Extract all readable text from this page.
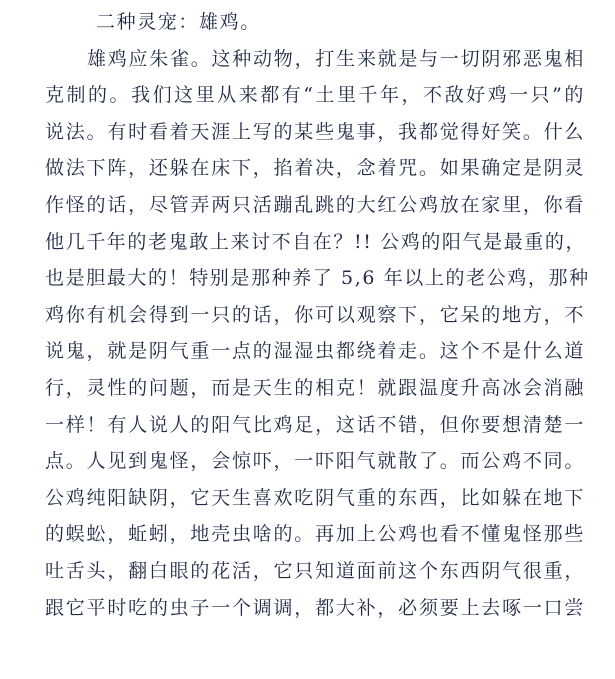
二种灵宠：雄鸡。

雄鸡应朱雀。这种动物，打生来就是与一切阴邪恶鬼相
克制的。我们这里从来都有“土里千年，不敌好鸡一只”的
说法。有时看着天涯上写的某些鬼事，我都觉得好笑。什么
做法下阵，还躲在床下，掐着决，念着咒。如果确定是阴灵
作怪的话，尽管弄两只活蹦乱跳的大红公鸡放在家里，你看
他几千年的老鬼敢上来讨不自在？!! 公鸡的阳气是最重的，
也是胆最大的！特别是那种养了 5,6 年以上的老公鸡，那种
鸡你有机会得到一只的话，你可以观察下，它呆的地方，不
说鬼，就是阴气重一点的湿湿虫都绕着走。这个不是什么道
行，灵性的问题，而是天生的相克！就跟温度升高冰会消融
一样！有人说人的阳气比鸡足，这话不错，但你要想清楚一
点。人见到鬼怪，会惊吓，一吓阳气就散了。而公鸡不同。
公鸡纯阳缺阴，它天生喜欢吃阴气重的东西，比如躲在地下
的蜈蚣，蚯蚓，地壳虫啥的。再加上公鸡也看不懂鬼怪那些
吐舌头，翻白眼的花活，它只知道面前这个东西阴气很重，
跟它平时吃的虫子一个调调，都大补，必须要上去啄一口尝
